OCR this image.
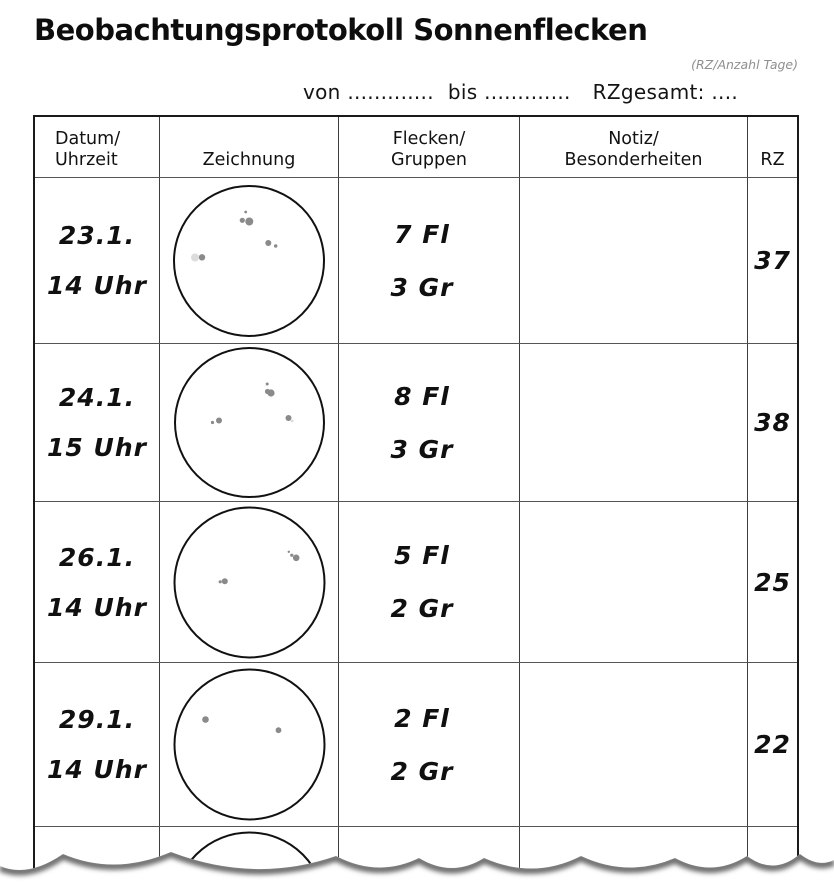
Beobachtungsprotokoll Sonnenflecken
(RZ/Anzahl Tage)
von ............. bis ............. RZgesamt: ....
Datum/
Uhrzeit	Zeichnung
Flecken/
Gruppen
Notiz/
Besonderheiten	RZ
23.1.
14 Uhr
7 Fl
3 Gr
37
24.1.
15 Uhr
8 Fl
3 Gr
38
26.1.
14 Uhr
5 Fl
2 Gr
25
29.1.
14 Uhr
2 Fl
2 Gr
22
